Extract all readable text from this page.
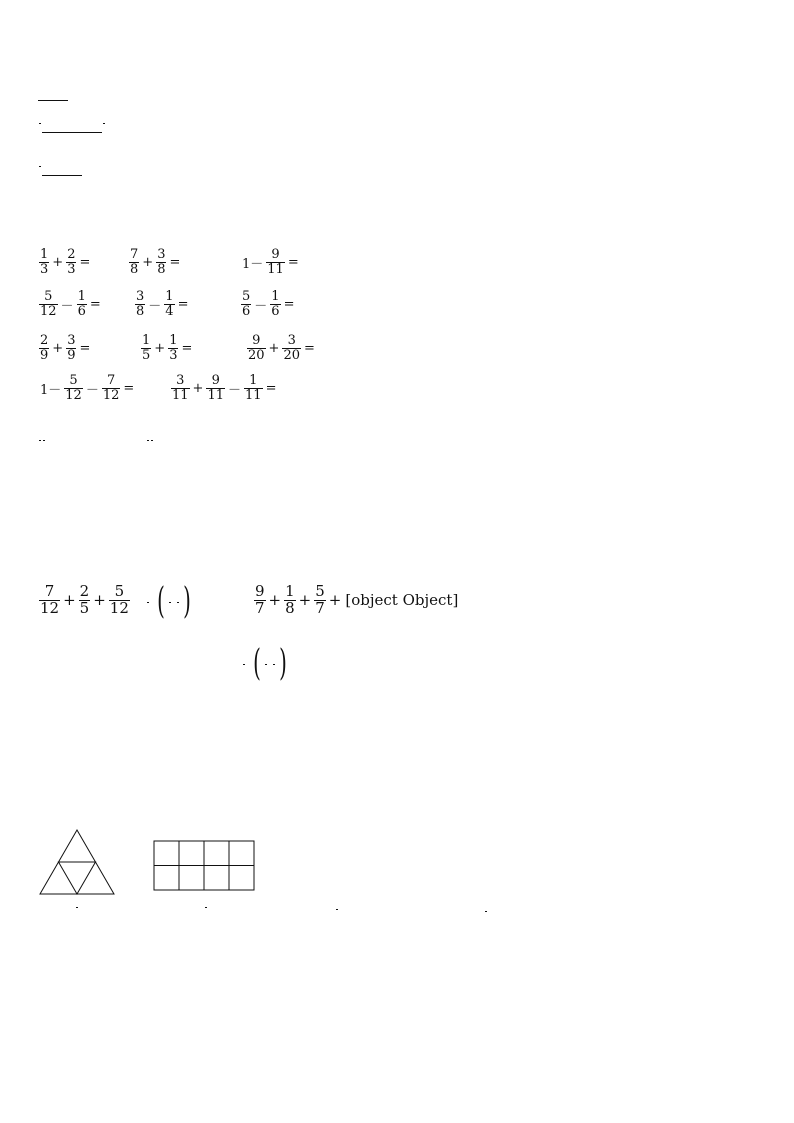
$\frac{1}{3} + \frac{2}{3}$ =	$\frac{7}{8} + \frac{3}{8}$ =	$1- \frac{9}{11}$ =
$\frac{5}{12} - \frac{1}{6}$ =	$\frac{3}{8} - \frac{1}{4}$ =	$\frac{5}{6} - \frac{1}{6}$ =
$\frac{2}{9} + \frac{3}{9}$ =	$\frac{1}{5} + \frac{1}{3}$ =	$\frac{9}{20} + \frac{3}{20}$ =
$1- \frac{5}{12} - \frac{7}{12}$ =	$\frac{3}{11} + \frac{9}{11} - \frac{1}{11}$ =
$\frac{7}{12} + \frac{2}{5} + \frac{5}{12}$ ( )	$\frac{9}{7} + \frac{1}{8} + \frac{5}{7}$ + [object Object]
( )
